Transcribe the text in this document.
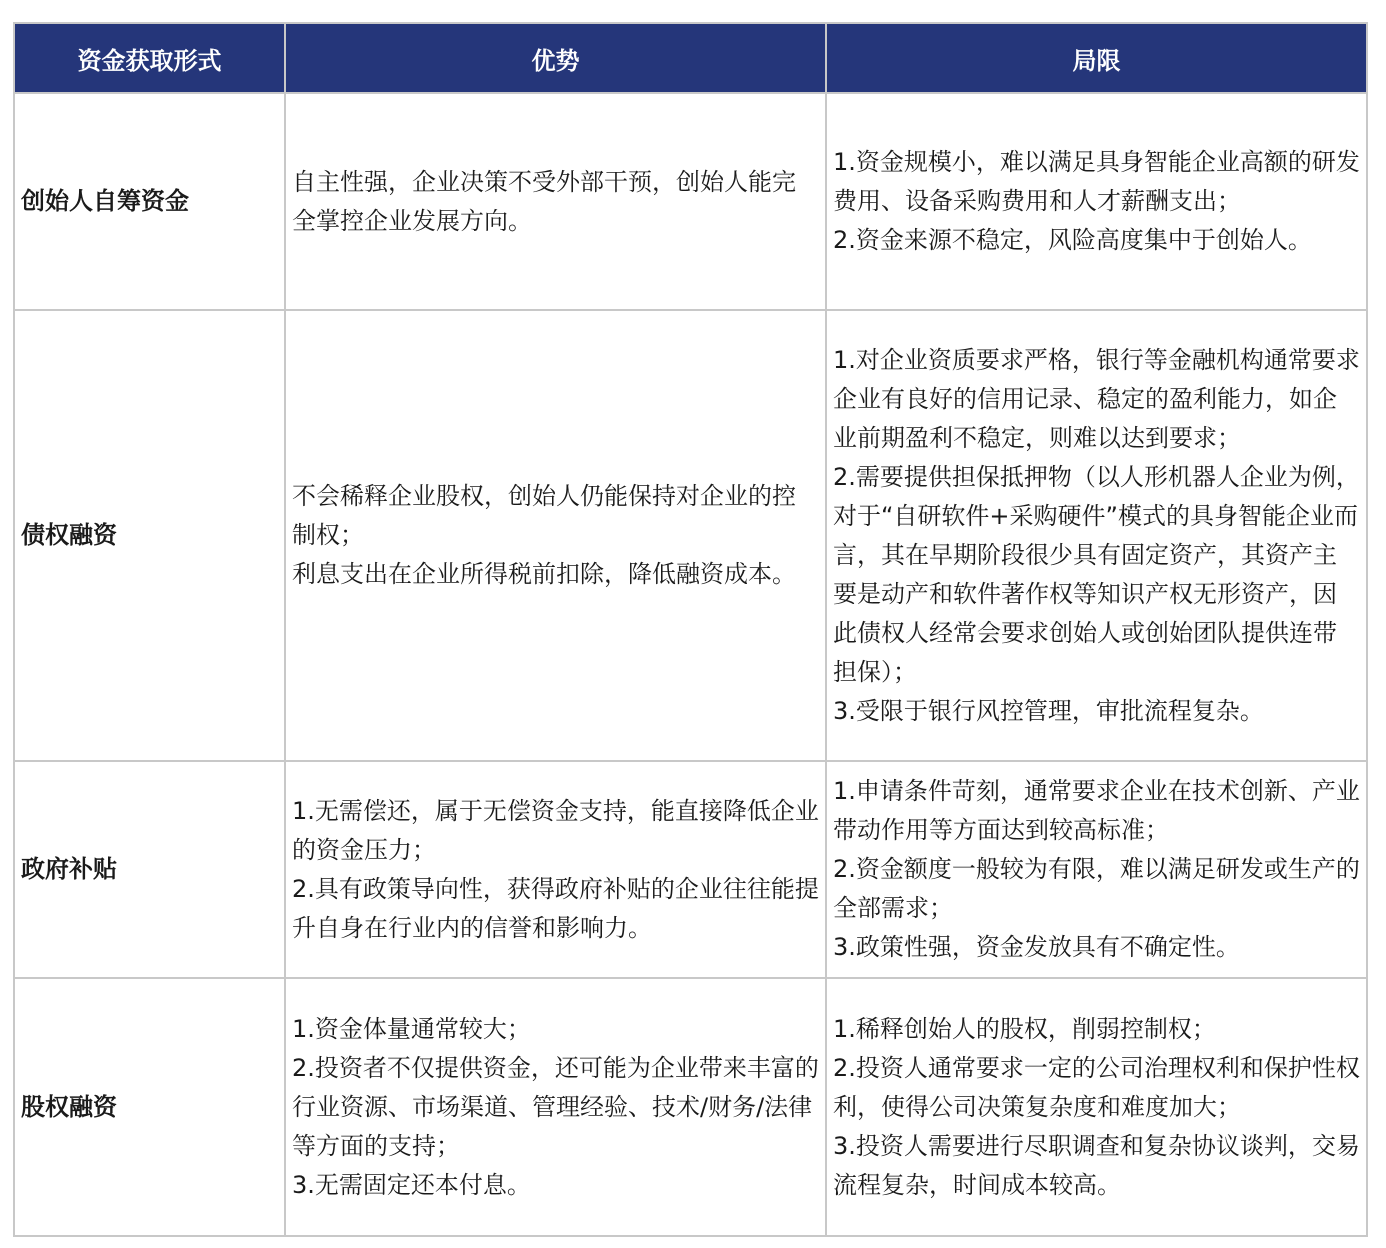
资金获取形式	优势	局限
创始人自筹资金	自主性强，企业决策不受外部干预，创始人能完全掌控企业发展方向。	1.资金规模小，难以满足具身智能企业高额的研发费用、设备采购费用和人才薪酬支出；
2.资金来源不稳定，风险高度集中于创始人。

债权融资	不会稀释企业股权，创始人仍能保持对企业的控制权；
利息支出在企业所得税前扣除，降低融资成本。	1.对企业资质要求严格，银行等金融机构通常要求企业有良好的信用记录、稳定的盈利能力，如企业前期盈利不稳定，则难以达到要求；
2.需要提供担保抵押物（以人形机器人企业为例，对于“自研软件+采购硬件”模式的具身智能企业而言，其在早期阶段很少具有固定资产，其资产主要是动产和软件著作权等知识产权无形资产，因此债权人经常会要求创始人或创始团队提供连带担保）；
3.受限于银行风控管理，审批流程复杂。

政府补贴	1.无需偿还，属于无偿资金支持，能直接降低企业的资金压力；
2.具有政策导向性，获得政府补贴的企业往往能提升自身在行业内的信誉和影响力。	1.申请条件苛刻，通常要求企业在技术创新、产业带动作用等方面达到较高标准；
2.资金额度一般较为有限，难以满足研发或生产的全部需求；
3.政策性强，资金发放具有不确定性。

股权融资	1.资金体量通常较大；
2.投资者不仅提供资金，还可能为企业带来丰富的行业资源、市场渠道、管理经验、技术/财务/法律等方面的支持；
3.无需固定还本付息。	1.稀释创始人的股权，削弱控制权；
2.投资人通常要求一定的公司治理权利和保护性权利，使得公司决策复杂度和难度加大；
3.投资人需要进行尽职调查和复杂协议谈判，交易流程复杂，时间成本较高。
